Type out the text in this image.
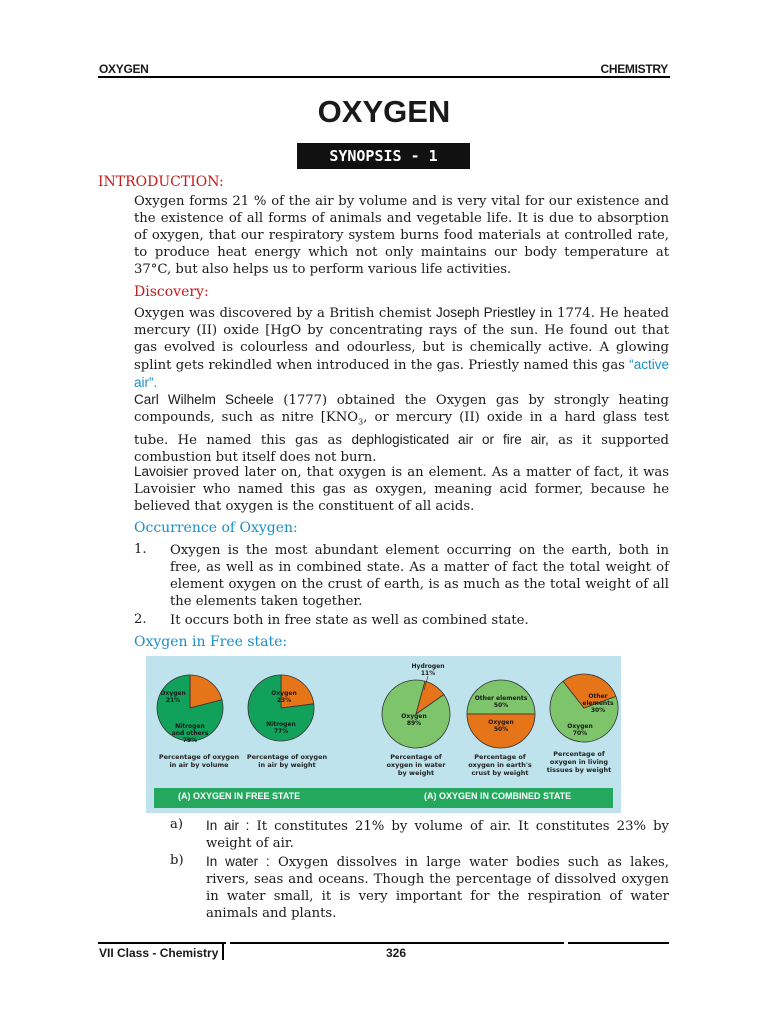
OXYGEN	CHEMISTRY
OXYGEN
SYNOPSIS - 1
INTRODUCTION:

Oxygen forms 21 % of the air by volume and is very vital for our existence and the existence of all forms of animals and vegetable life. It is due to absorption of oxygen, that our respiratory system burns food materials at controlled rate, to produce heat energy which not only maintains our body temperature at 37°C, but also helps us to perform various life activities.

Discovery:

Oxygen was discovered by a British chemist Joseph Priestley in 1774. He heated mercury (II) oxide [HgO by concentrating rays of the sun. He found out that gas evolved is colourless and odourless, but is chemically active. A glowing splint gets rekindled when introduced in the gas. Priestly named this gas “active air”.

Carl Wilhelm Scheele (1777) obtained the Oxygen gas by strongly heating compounds, such as nitre [$KNO_3$, or mercury (II) oxide in a hard glass test tube. He named this gas as dephlogisticated air or fire air, as it supported combustion but itself does not burn.

Lavoisier proved later on, that oxygen is an element. As a matter of fact, it was Lavoisier who named this gas as oxygen, meaning acid former, because he believed that oxygen is the constituent of all acids.

Occurrence of Oxygen:
1. Oxygen is the most abundant element occurring on the earth, both in free, as well as in combined state. As a matter of fact the total weight of element oxygen on the crust of earth, is as much as the total weight of all the elements taken together.
2. It occurs both in free state as well as combined state.
Oxygen in Free state:
Oxygen
21%
Nitrogen
and others
79%
Oxygen
23%
Nitrogen
77%
Oxygen
89%	Oxygen
50%
Other elements
50%
Oxygen
70%
Other
elements
30%
Hydrogen
11%
Percentage of oxygen
in air by volume
Percentage of oxygen
in air by weight
Percentage of
oxygen in water
by weight
Percentage of
oxygen in earth's
crust by weight
Percentage of
oxygen in living
tissues by weight
(A) OXYGEN IN FREE STATE	(A) OXYGEN IN COMBINED STATE
a) In air : It constitutes 21% by volume of air. It constitutes 23% by weight of air.
b) In water : Oxygen dissolves in large water bodies such as lakes, rivers, seas and oceans. Though the percentage of dissolved oxygen in water small, it is very important for the respiration of water animals and plants.
VII Class - Chemistry	326
